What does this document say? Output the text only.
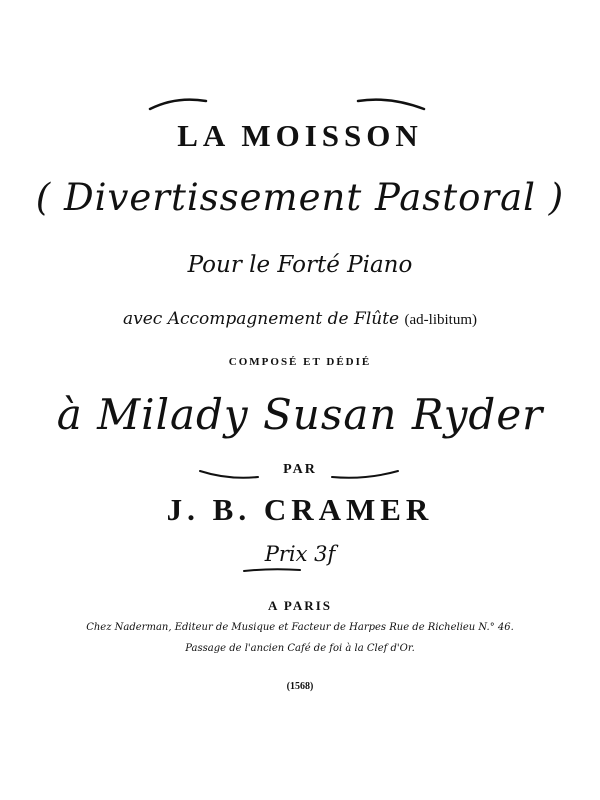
LA MOISSON
( Divertissement Pastoral )
Pour le Forté Piano
avec Accompagnement de Flûte (ad-libitum)
COMPOSÉ ET DÉDIÉ
à Milady Susan Ryder
PAR
J. B. CRAMER
Prix 3f
A PARIS
Chez Naderman, Editeur de Musique et Facteur de Harpes Rue de Richelieu N.° 46.
Passage de l'ancien Café de foi à la Clef d'Or.
(1568)
